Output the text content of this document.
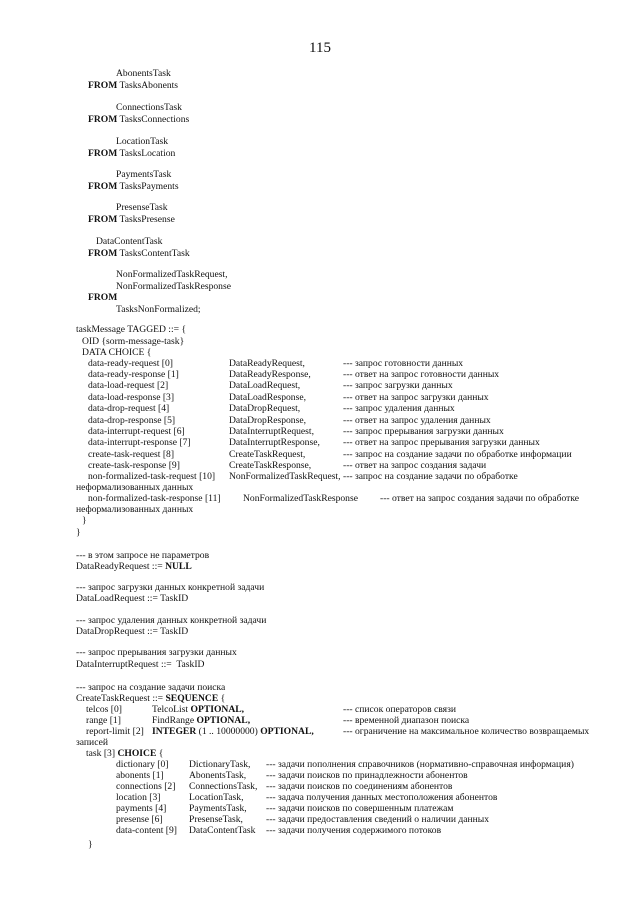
115
AbonentsTask
FROM TasksAbonents
ConnectionsTask
FROM TasksConnections
LocationTask
FROM TasksLocation
PaymentsTask
FROM TasksPayments
PresenseTask
FROM TasksPresense
DataContentTask
FROM TasksContentTask
NonFormalizedTaskRequest,
NonFormalizedTaskResponse
FROM
TasksNonFormalized;
taskMessage TAGGED ::= {
OID {sorm-message-task}
DATA CHOICE {
data-ready-request [0]	DataReadyRequest,	--- запрос готовности данных
data-ready-response [1]	DataReadyResponse,	--- ответ на запрос готовности данных
data-load-request [2]	DataLoadRequest,	--- запрос загрузки данных
data-load-response [3]	DataLoadResponse,	--- ответ на запрос загрузки данных
data-drop-request [4]	DataDropRequest,	--- запрос удаления данных
data-drop-response [5]	DataDropResponse,	--- ответ на запрос удаления данных
data-interrupt-request [6]	DataInterruptRequest,	--- запрос прерывания загрузки данных
data-interrupt-response [7]	DataInterruptResponse, --- ответ на запрос прерывания загрузки данных
create-task-request [8]	CreateTaskRequest,	--- запрос на создание задачи по обработке информации
create-task-response [9]	CreateTaskResponse,	--- ответ на запрос создания задачи
non-formalized-task-request [10] NonFormalizedTaskRequest, --- запрос на создание задачи по обработке
неформализованных данных
non-formalized-task-response [11] NonFormalizedTaskResponse --- ответ на запрос создания задачи по обработке
неформализованных данных
}
}
--- в этом запросе не параметров
DataReadyRequest ::= NULL
--- запрос загрузки данных конкретной задачи
DataLoadRequest ::= TaskID
--- запрос удаления данных конкретной задачи
DataDropRequest ::= TaskID
--- запрос прерывания загрузки данных
DataInterruptRequest ::=  TaskID
--- запрос на создание задачи поиска
CreateTaskRequest ::= SEQUENCE {
telcos [0]	TelcoList OPTIONAL,	--- список операторов связи
range [1]	FindRange OPTIONAL,	--- временной диапазон поиска
report-limit [2] INTEGER (1 .. 10000000) OPTIONAL,	--- ограничение на максимальное количество возвращаемых
записей
task [3] CHOICE {
dictionary [0] DictionaryTask, --- задачи пополнения справочников (нормативно-справочная информация)
abonents [1]	AbonentsTask, --- задачи поисков по принадлежности абонентов
connections [2] ConnectionsTask, --- задачи поисков по соединениям абонентов
location [3]	LocationTask, --- задача получения данных местоположения абонентов
payments [4] PaymentsTask, --- задачи поисков по совершенным платежам
presense [6]	PresenseTask, --- задачи предоставления сведений о наличии данных
data-content [9] DataContentTask --- задачи получения содержимого потоков
}
